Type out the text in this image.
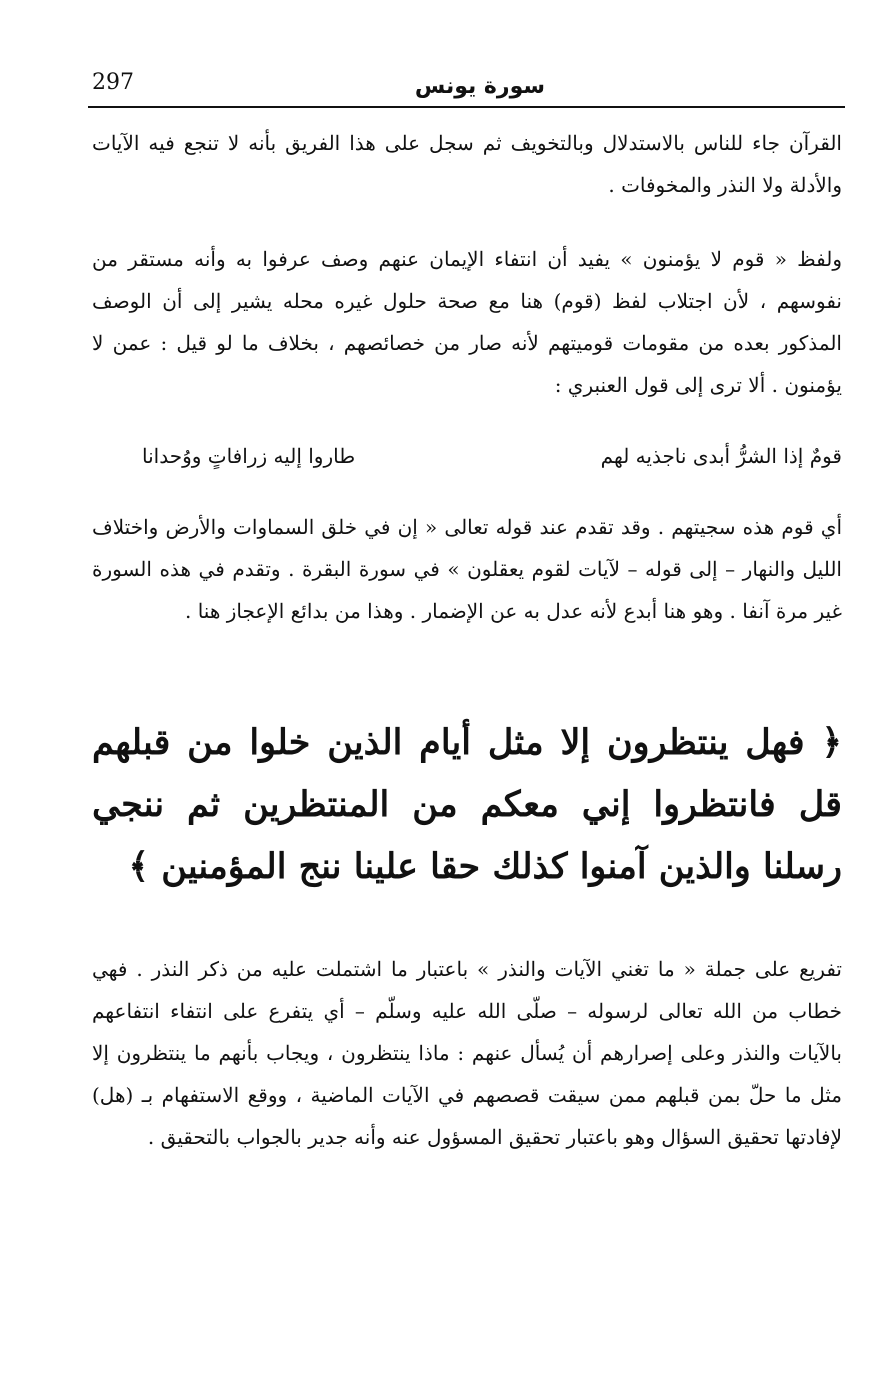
297	سورة يونس

القرآن جاء للناس بالاستدلال وبالتخويف ثم سجل على هذا الفريق بأنه لا تنجع فيه الآيات والأدلة ولا النذر والمخوفات .

ولفظ « قوم لا يؤمنون » يفيد أن انتفاء الإيمان عنهم وصف عرفوا به وأنه مستقر من نفوسهم ، لأن اجتلاب لفظ (قوم) هنا مع صحة حلول غيره محله يشير إلى أن الوصف المذكور بعده من مقومات قوميتهم لأنه صار من خصائصهم ، بخلاف ما لو قيل : عمن لا يؤمنون . ألا ترى إلى قول العنبري :

قومٌ إذا الشرُّ أبدى ناجذيه لهم
طاروا إليه زرافاتٍ ووُحدانا

أي قوم هذه سجيتهم . وقد تقدم عند قوله تعالى « إن في خلق السماوات والأرض واختلاف الليل والنهار – إلى قوله – لآيات لقوم يعقلون » في سورة البقرة . وتقدم في هذه السورة غير مرة آنفا . وهو هنا أبدع لأنه عدل به عن الإضمار . وهذا من بدائع الإعجاز هنا .

﴿ فهل ينتظرون إلا مثل أيام الذين خلوا من قبلهم قل فانتظروا إني معكم من المنتظرين ثم ننجي رسلنا والذين آمنوا كذلك حقا علينا ننج المؤمنين ﴾

تفريع على جملة « ما تغني الآيات والنذر » باعتبار ما اشتملت عليه من ذكر النذر . فهي خطاب من الله تعالى لرسوله – صلّى الله عليه وسلّم – أي يتفرع على انتفاء انتفاعهم بالآيات والنذر وعلى إصرارهم أن يُسأل عنهم : ماذا ينتظرون ، ويجاب بأنهم ما ينتظرون إلا مثل ما حلّ بمن قبلهم ممن سيقت قصصهم في الآيات الماضية ، ووقع الاستفهام بـ (هل) لإفادتها تحقيق السؤال وهو باعتبار تحقيق المسؤول عنه وأنه جدير بالجواب بالتحقيق .
